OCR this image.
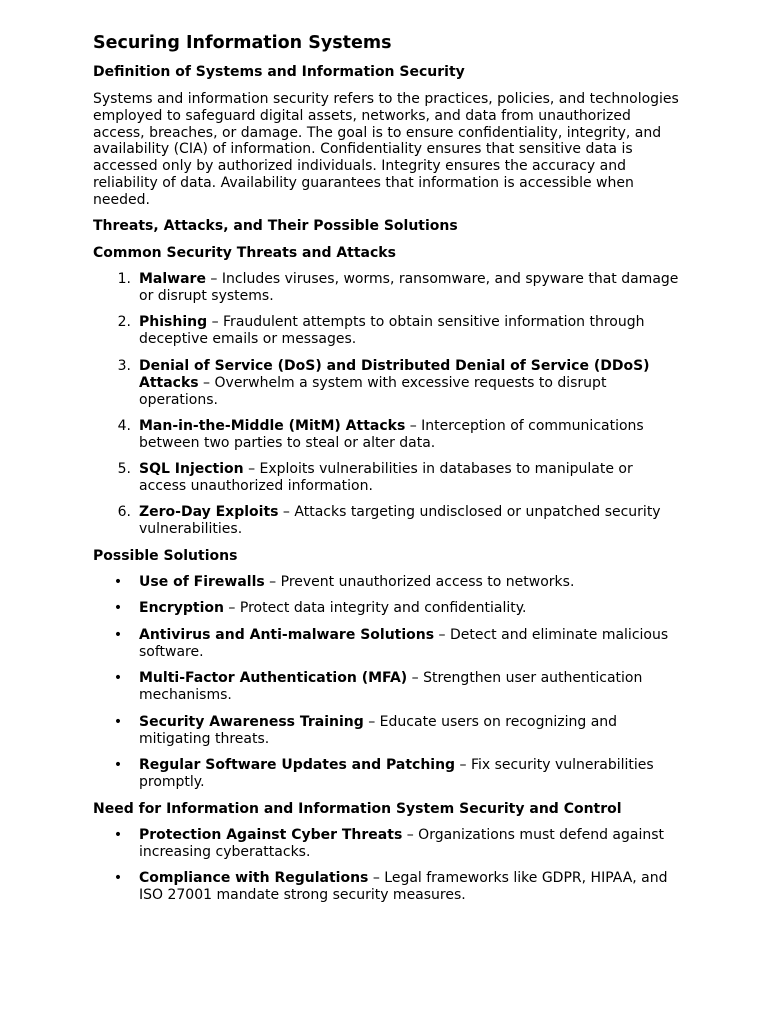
Securing Information Systems
Definition of Systems and Information Security

Systems and information security refers to the practices, policies, and technologies employed to safeguard digital assets, networks, and data from unauthorized access, breaches, or damage. The goal is to ensure confidentiality, integrity, and availability (CIA) of information. Confidentiality ensures that sensitive data is accessed only by authorized individuals. Integrity ensures the accuracy and reliability of data. Availability guarantees that information is accessible when needed.

Threats, Attacks, and Their Possible Solutions
Common Security Threats and Attacks
1. Malware – Includes viruses, worms, ransomware, and spyware that damage or disrupt systems.
2. Phishing – Fraudulent attempts to obtain sensitive information through deceptive emails or messages.
3. Denial of Service (DoS) and Distributed Denial of Service (DDoS) Attacks – Overwhelm a system with excessive requests to disrupt operations.
4. Man-in-the-Middle (MitM) Attacks – Interception of communications between two parties to steal or alter data.
5. SQL Injection – Exploits vulnerabilities in databases to manipulate or access unauthorized information.
6. Zero-Day Exploits – Attacks targeting undisclosed or unpatched security vulnerabilities.
Possible Solutions
• Use of Firewalls – Prevent unauthorized access to networks.
• Encryption – Protect data integrity and confidentiality.
• Antivirus and Anti-malware Solutions – Detect and eliminate malicious software.
• Multi-Factor Authentication (MFA) – Strengthen user authentication mechanisms.
• Security Awareness Training – Educate users on recognizing and mitigating threats.
• Regular Software Updates and Patching – Fix security vulnerabilities promptly.
Need for Information and Information System Security and Control
• Protection Against Cyber Threats – Organizations must defend against increasing cyberattacks.
• Compliance with Regulations – Legal frameworks like GDPR, HIPAA, and ISO 27001 mandate strong security measures.
